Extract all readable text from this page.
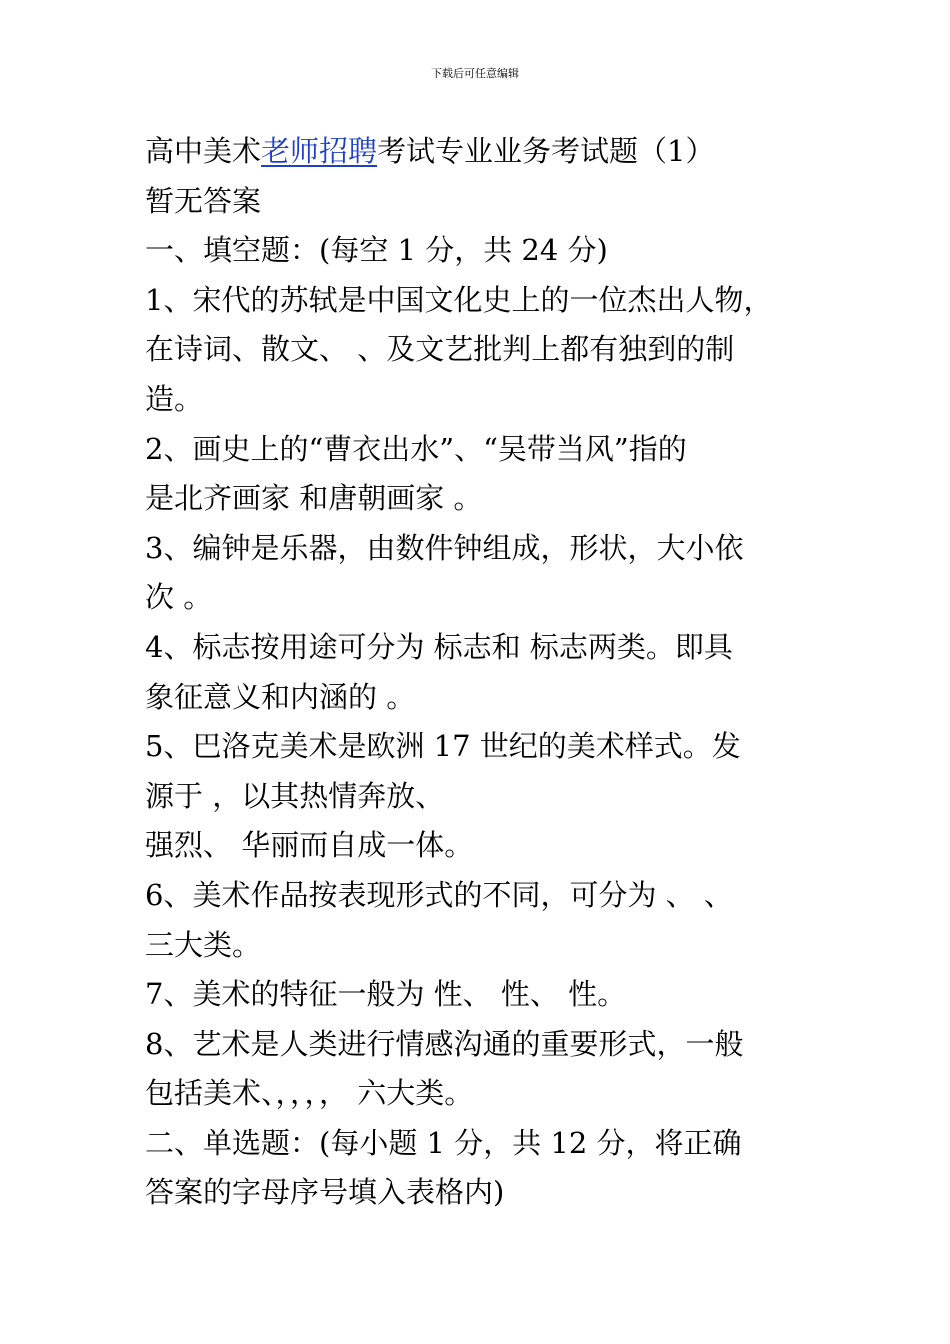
下载后可任意编辑
高中美术老师招聘考试专业业务考试题（1）
暂无答案
一、填空题：(每空 1 分，共 24 分)
1、宋代的苏轼是中国文化史上的一位杰出人物，
在诗词、散文、 、及文艺批判上都有独到的制
造。
2、画史上的“曹衣出水”、“吴带当风”指的
是北齐画家 和唐朝画家 。
3、编钟是乐器，由数件钟组成，形状，大小依
次 。
4、标志按用途可分为 标志和 标志两类。即具
象征意义和内涵的 。
5、巴洛克美术是欧洲 17 世纪的美术样式。发
源于 ，以其热情奔放、
强烈、 华丽而自成一体。
6、美术作品按表现形式的不同，可分为 、 、
三大类。
7、美术的特征一般为 性、 性、 性。
8、艺术是人类进行情感沟通的重要形式，一般
包括美术、，，，， 六大类。
二、单选题：(每小题 1 分，共 12 分，将正确
答案的字母序号填入表格内)
